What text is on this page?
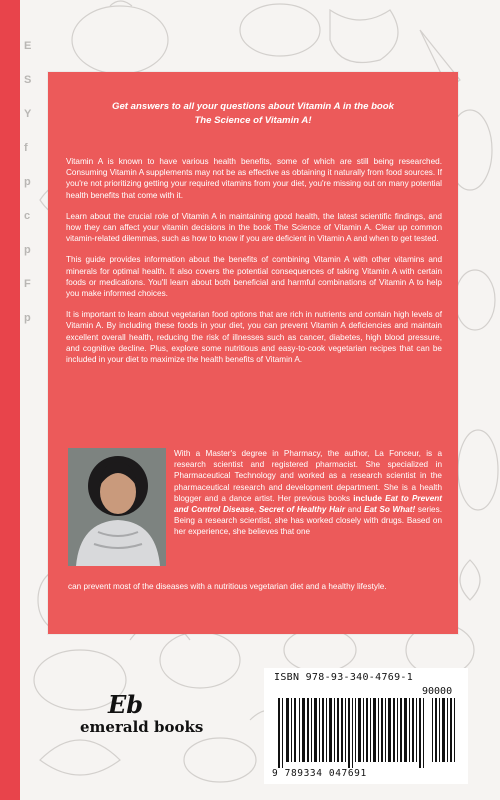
E
S
Y
f
p
c
p
F
p
Get answers to all your questions about Vitamin A in the book
The Science of Vitamin A!

Vitamin A is known to have various health benefits, some of which are still being researched. Consuming Vitamin A supplements may not be as effective as obtaining it naturally from food sources. If you're not prioritizing getting your required vitamins from your diet, you're missing out on many potential health benefits that come with it.

Learn about the crucial role of Vitamin A in maintaining good health, the latest scientific findings, and how they can affect your vitamin decisions in the book The Science of Vitamin A. Clear up common vitamin-related dilemmas, such as how to know if you are deficient in Vitamin A and when to get tested.

This guide provides information about the benefits of combining Vitamin A with other vitamins and minerals for optimal health. It also covers the potential consequences of taking Vitamin A with certain foods or medications. You'll learn about both beneficial and harmful combinations of Vitamin A to help you make informed choices.

It is important to learn about vegetarian food options that are rich in nutrients and contain high levels of Vitamin A. By including these foods in your diet, you can prevent Vitamin A deficiencies and maintain excellent overall health, reducing the risk of illnesses such as cancer, diabetes, high blood pressure, and cognitive decline. Plus, explore some nutritious and easy-to-cook vegetarian recipes that can be included in your diet to maximize the health benefits of Vitamin A.

With a Master's degree in Pharmacy, the author, La Fonceur, is a research scientist and registered pharmacist. She specialized in Pharmaceutical Technology and worked as a research scientist in the pharmaceutical research and development department. She is a health blogger and a dance artist. Her previous books include Eat to Prevent and Control Disease, Secret of Healthy Hair and Eat So What! series. Being a research scientist, she has worked closely with drugs. Based on her experience, she believes that one
can prevent most of the diseases with a nutritious vegetarian diet and a healthy lifestyle.
Eb
emerald books
ISBN 978-93-340-4769-1
90000
9 789334 047691
